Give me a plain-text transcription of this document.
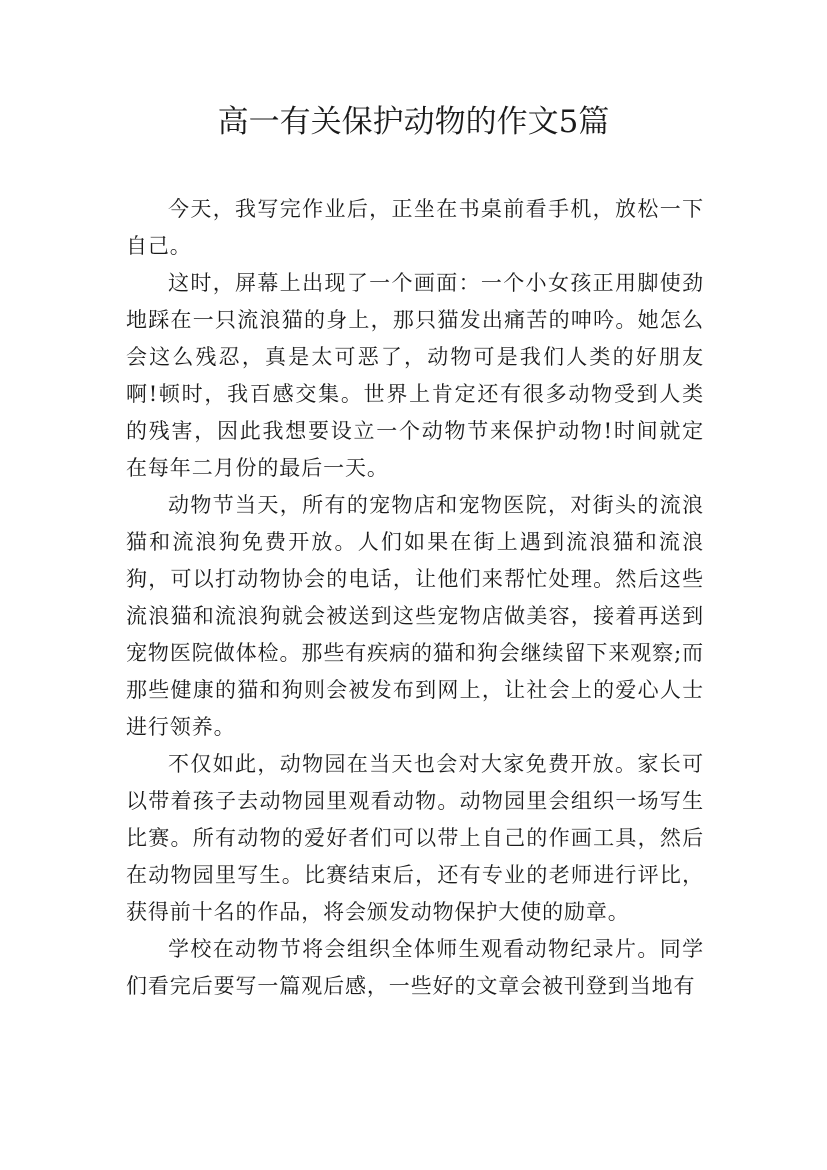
高一有关保护动物的作文5篇

今天，我写完作业后，正坐在书桌前看手机，放松一下自己。

这时，屏幕上出现了一个画面：一个小女孩正用脚使劲地踩在一只流浪猫的身上，那只猫发出痛苦的呻吟。她怎么会这么残忍，真是太可恶了，动物可是我们人类的好朋友啊!顿时，我百感交集。世界上肯定还有很多动物受到人类的残害，因此我想要设立一个动物节来保护动物!时间就定在每年二月份的最后一天。

动物节当天，所有的宠物店和宠物医院，对街头的流浪猫和流浪狗免费开放。人们如果在街上遇到流浪猫和流浪狗，可以打动物协会的电话，让他们来帮忙处理。然后这些流浪猫和流浪狗就会被送到这些宠物店做美容，接着再送到宠物医院做体检。那些有疾病的猫和狗会继续留下来观察;而那些健康的猫和狗则会被发布到网上，让社会上的爱心人士进行领养。

不仅如此，动物园在当天也会对大家免费开放。家长可以带着孩子去动物园里观看动物。动物园里会组织一场写生比赛。所有动物的爱好者们可以带上自己的作画工具，然后在动物园里写生。比赛结束后，还有专业的老师进行评比，获得前十名的作品，将会颁发动物保护大使的励章。

学校在动物节将会组织全体师生观看动物纪录片。同学们看完后要写一篇观后感，一些好的文章会被刊登到当地有
